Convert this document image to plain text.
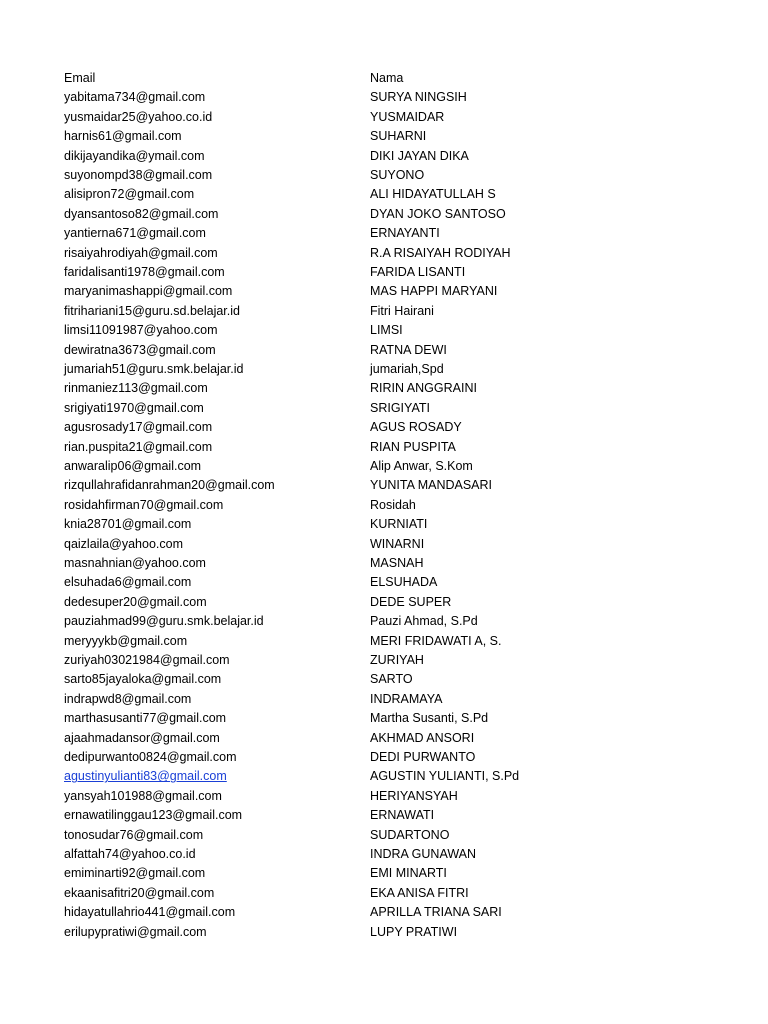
Email	Nama
yabitama734@gmail.com	SURYA NINGSIH
yusmaidar25@yahoo.co.id	YUSMAIDAR
harnis61@gmail.com	SUHARNI
dikijayandika@ymail.com	DIKI JAYAN DIKA
suyonompd38@gmail.com	SUYONO
alisipron72@gmail.com	ALI HIDAYATULLAH S
dyansantoso82@gmail.com	DYAN JOKO SANTOSO
yantierna671@gmail.com	ERNAYANTI
risaiyahrodiyah@gmail.com	R.A RISAIYAH RODIYAH
faridalisanti1978@gmail.com	FARIDA LISANTI
maryanimashappi@gmail.com	MAS HAPPI MARYANI
fitrihariani15@guru.sd.belajar.id	Fitri Hairani
limsi11091987@yahoo.com	LIMSI
dewiratna3673@gmail.com	RATNA DEWI
jumariah51@guru.smk.belajar.id	jumariah,Spd
rinmaniez113@gmail.com	RIRIN ANGGRAINI
srigiyati1970@gmail.com	SRIGIYATI
agusrosady17@gmail.com	AGUS ROSADY
rian.puspita21@gmail.com	RIAN PUSPITA
anwaralip06@gmail.com	Alip Anwar, S.Kom
rizqullahrafidanrahman20@gmail.com	YUNITA MANDASARI
rosidahfirman70@gmail.com	Rosidah
knia28701@gmail.com	KURNIATI
qaizlaila@yahoo.com	WINARNI
masnahnian@yahoo.com	MASNAH
elsuhada6@gmail.com	ELSUHADA
dedesuper20@gmail.com	DEDE SUPER
pauziahmad99@guru.smk.belajar.id	Pauzi Ahmad, S.Pd
meryyykb@gmail.com	MERI FRIDAWATI A, S.
zuriyah03021984@gmail.com	ZURIYAH
sarto85jayaloka@gmail.com	SARTO
indrapwd8@gmail.com	INDRAMAYA
marthasusanti77@gmail.com	Martha Susanti, S.Pd
ajaahmadansor@gmail.com	AKHMAD ANSORI
dedipurwanto0824@gmail.com	DEDI PURWANTO
agustinyulianti83@gmail.com	AGUSTIN YULIANTI, S.Pd
yansyah101988@gmail.com	HERIYANSYAH
ernawatilinggau123@gmail.com	ERNAWATI
tonosudar76@gmail.com	SUDARTONO
alfattah74@yahoo.co.id	INDRA GUNAWAN
emiminarti92@gmail.com	EMI MINARTI
ekaanisafitri20@gmail.com	EKA ANISA FITRI
hidayatullahrio441@gmail.com	APRILLA TRIANA SARI
erilupypratiwi@gmail.com	LUPY PRATIWI
